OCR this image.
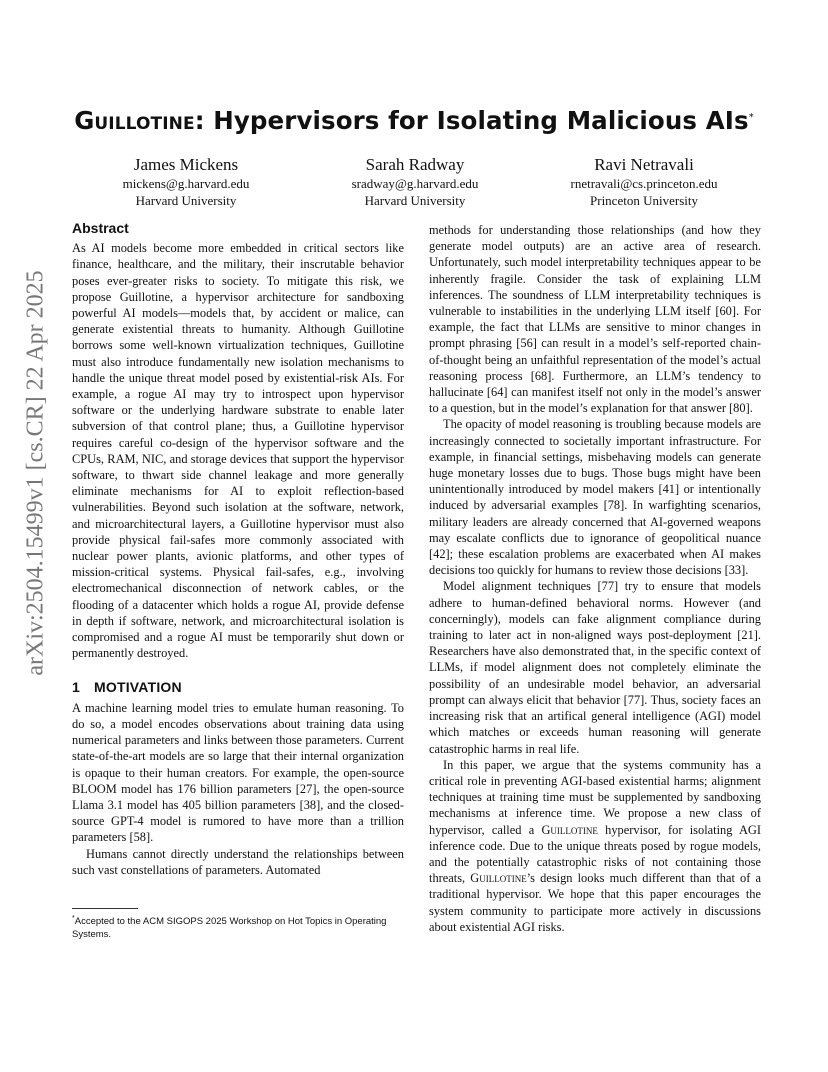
Guillotine: Hypervisors for Isolating Malicious AIs*
James Mickens
mickens@g.harvard.edu
Harvard University
Sarah Radway
sradway@g.harvard.edu
Harvard University
Ravi Netravali
rnetravali@cs.princeton.edu
Princeton University
arXiv:2504.15499v1 [cs.CR] 22 Apr 2025
Abstract

As AI models become more embedded in critical sectors like finance, healthcare, and the military, their inscrutable behavior poses ever-greater risks to society. To mitigate this risk, we propose Guillotine, a hypervisor architecture for sandboxing powerful AI models—models that, by accident or malice, can generate existential threats to humanity. Although Guillotine borrows some well-known virtualization techniques, Guillotine must also introduce fundamentally new isolation mechanisms to handle the unique threat model posed by existential-risk AIs. For example, a rogue AI may try to introspect upon hypervisor software or the underlying hardware substrate to enable later subversion of that control plane; thus, a Guillotine hypervisor requires careful co-design of the hypervisor software and the CPUs, RAM, NIC, and storage devices that support the hypervisor software, to thwart side channel leakage and more generally eliminate mechanisms for AI to exploit reflection-based vulnerabilities. Beyond such isolation at the software, network, and microarchitectural layers, a Guillotine hypervisor must also provide physical fail-safes more commonly associated with nuclear power plants, avionic platforms, and other types of mission-critical systems. Physical fail-safes, e.g., involving electromechanical disconnection of network cables, or the flooding of a datacenter which holds a rogue AI, provide defense in depth if software, network, and microarchitectural isolation is compromised and a rogue AI must be temporarily shut down or permanently destroyed.

1 MOTIVATION

A machine learning model tries to emulate human reasoning. To do so, a model encodes observations about training data using numerical parameters and links between those parameters. Current state-of-the-art models are so large that their internal organization is opaque to their human creators. For example, the open-source BLOOM model has 176 billion parameters [27], the open-source Llama 3.1 model has 405 billion parameters [38], and the closed-source GPT-4 model is rumored to have more than a trillion parameters [58].

Humans cannot directly understand the relationships between such vast constellations of parameters. Automated

methods for understanding those relationships (and how they generate model outputs) are an active area of research. Unfortunately, such model interpretability techniques appear to be inherently fragile. Consider the task of explaining LLM inferences. The soundness of LLM interpretability techniques is vulnerable to instabilities in the underlying LLM itself [60]. For example, the fact that LLMs are sensitive to minor changes in prompt phrasing [56] can result in a model’s self-reported chain-of-thought being an unfaithful representation of the model’s actual reasoning process [68]. Furthermore, an LLM’s tendency to hallucinate [64] can manifest itself not only in the model’s answer to a question, but in the model’s explanation for that answer [80].

The opacity of model reasoning is troubling because models are increasingly connected to societally important infrastructure. For example, in financial settings, misbehaving models can generate huge monetary losses due to bugs. Those bugs might have been unintentionally introduced by model makers [41] or intentionally induced by adversarial examples [78]. In warfighting scenarios, military leaders are already concerned that AI-governed weapons may escalate conflicts due to ignorance of geopolitical nuance [42]; these escalation problems are exacerbated when AI makes decisions too quickly for humans to review those decisions [33].

Model alignment techniques [77] try to ensure that models adhere to human-defined behavioral norms. However (and concerningly), models can fake alignment compliance during training to later act in non-aligned ways post-deployment [21]. Researchers have also demonstrated that, in the specific context of LLMs, if model alignment does not completely eliminate the possibility of an undesirable model behavior, an adversarial prompt can always elicit that behavior [77]. Thus, society faces an increasing risk that an artifical general intelligence (AGI) model which matches or exceeds human reasoning will generate catastrophic harms in real life.

In this paper, we argue that the systems community has a critical role in preventing AGI-based existential harms; alignment techniques at training time must be supplemented by sandboxing mechanisms at inference time. We propose a new class of hypervisor, called a Guillotine hypervisor, for isolating AGI inference code. Due to the unique threats posed by rogue models, and the potentially catastrophic risks of not containing those threats, Guillotine’s design looks much different than that of a traditional hypervisor. We hope that this paper encourages the system community to participate more actively in discussions about existential AGI risks.

*Accepted to the ACM SIGOPS 2025 Workshop on Hot Topics in Operating Systems.
